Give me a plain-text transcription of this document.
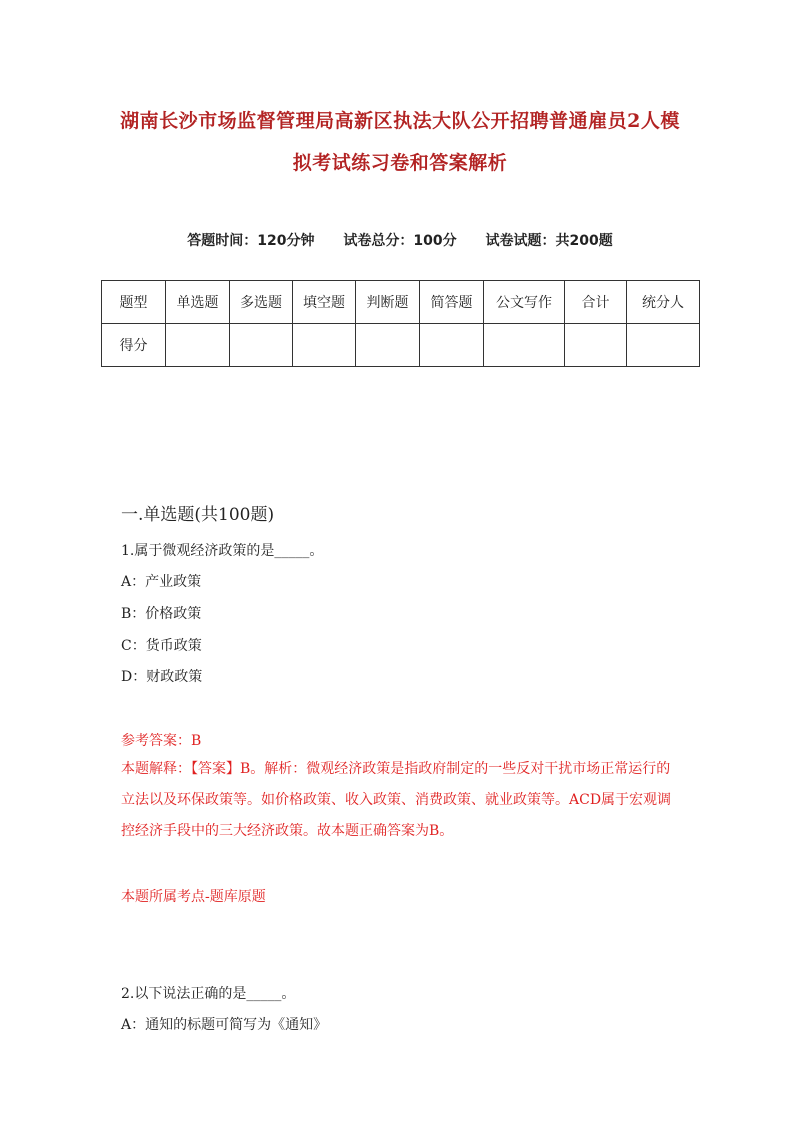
湖南长沙市场监督管理局高新区执法大队公开招聘普通雇员2人模
拟考试练习卷和答案解析
答题时间：120分钟 试卷总分：100分 试卷试题：共200题
题型	单选题	多选题	填空题	判断题	简答题	公文写作	合计	统分人
得分								
一.单选题(共100题)
1.属于微观经济政策的是_____。
A：产业政策
B：价格政策
C：货币政策
D：财政政策
参考答案：B
本题解释：【答案】B。解析：微观经济政策是指政府制定的一些反对干扰市场正常运行的立法以及环保政策等。如价格政策、收入政策、消费政策、就业政策等。ACD属于宏观调控经济手段中的三大经济政策。故本题正确答案为B。
本题所属考点-题库原题
2.以下说法正确的是_____。
A：通知的标题可简写为《通知》
